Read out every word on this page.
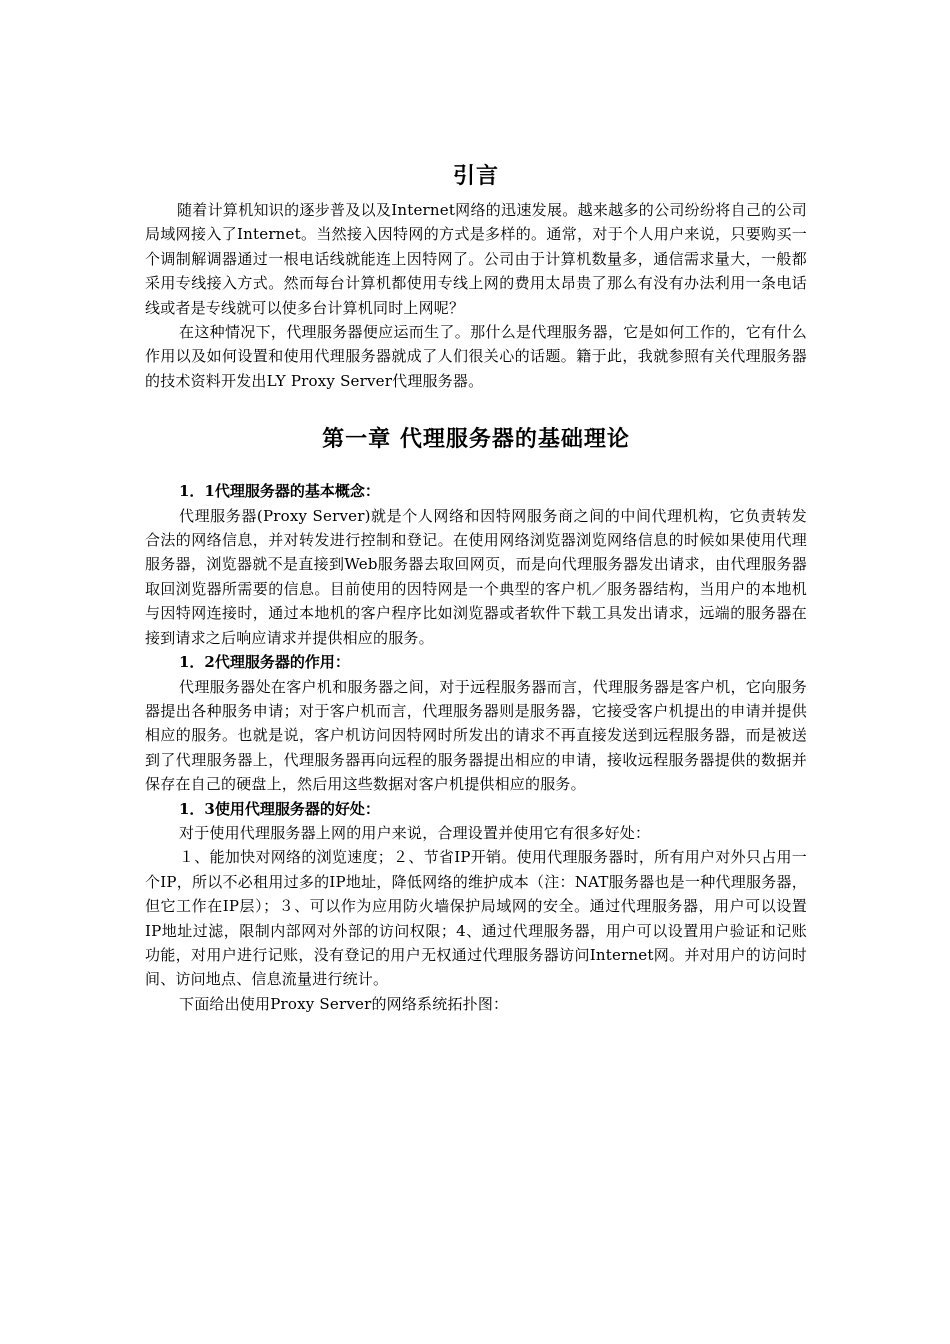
引言

随着计算机知识的逐步普及以及Internet网络的迅速发展。越来越多的公司纷纷将自己的公司局域网接入了Internet。当然接入因特网的方式是多样的。通常，对于个人用户来说，只要购买一个调制解调器通过一根电话线就能连上因特网了。公司由于计算机数量多，通信需求量大，一般都采用专线接入方式。然而每台计算机都使用专线上网的费用太昂贵了那么有没有办法利用一条电话线或者是专线就可以使多台计算机同时上网呢？

在这种情况下，代理服务器便应运而生了。那什么是代理服务器，它是如何工作的，它有什么作用以及如何设置和使用代理服务器就成了人们很关心的话题。籍于此，我就参照有关代理服务器的技术资料开发出LY Proxy Server代理服务器。

第一章 代理服务器的基础理论
1．1代理服务器的基本概念：

代理服务器(Proxy Server)就是个人网络和因特网服务商之间的中间代理机构，它负责转发合法的网络信息，并对转发进行控制和登记。在使用网络浏览器浏览网络信息的时候如果使用代理服务器，浏览器就不是直接到Web服务器去取回网页，而是向代理服务器发出请求，由代理服务器取回浏览器所需要的信息。目前使用的因特网是一个典型的客户机／服务器结构，当用户的本地机与因特网连接时，通过本地机的客户程序比如浏览器或者软件下载工具发出请求，远端的服务器在接到请求之后响应请求并提供相应的服务。

1．2代理服务器的作用：

代理服务器处在客户机和服务器之间，对于远程服务器而言，代理服务器是客户机，它向服务器提出各种服务申请；对于客户机而言，代理服务器则是服务器，它接受客户机提出的申请并提供相应的服务。也就是说，客户机访问因特网时所发出的请求不再直接发送到远程服务器，而是被送到了代理服务器上，代理服务器再向远程的服务器提出相应的申请，接收远程服务器提供的数据并保存在自己的硬盘上，然后用这些数据对客户机提供相应的服务。

1．3使用代理服务器的好处：

对于使用代理服务器上网的用户来说，合理设置并使用它有很多好处：

１、能加快对网络的浏览速度；２、节省IP开销。使用代理服务器时，所有用户对外只占用一个IP，所以不必租用过多的IP地址，降低网络的维护成本（注：NAT服务器也是一种代理服务器，但它工作在IP层）；３、可以作为应用防火墙保护局域网的安全。通过代理服务器，用户可以设置IP地址过滤，限制内部网对外部的访问权限；4、通过代理服务器，用户可以设置用户验证和记账功能，对用户进行记账，没有登记的用户无权通过代理服务器访问Internet网。并对用户的访问时间、访问地点、信息流量进行统计。

下面给出使用Proxy Server的网络系统拓扑图：
